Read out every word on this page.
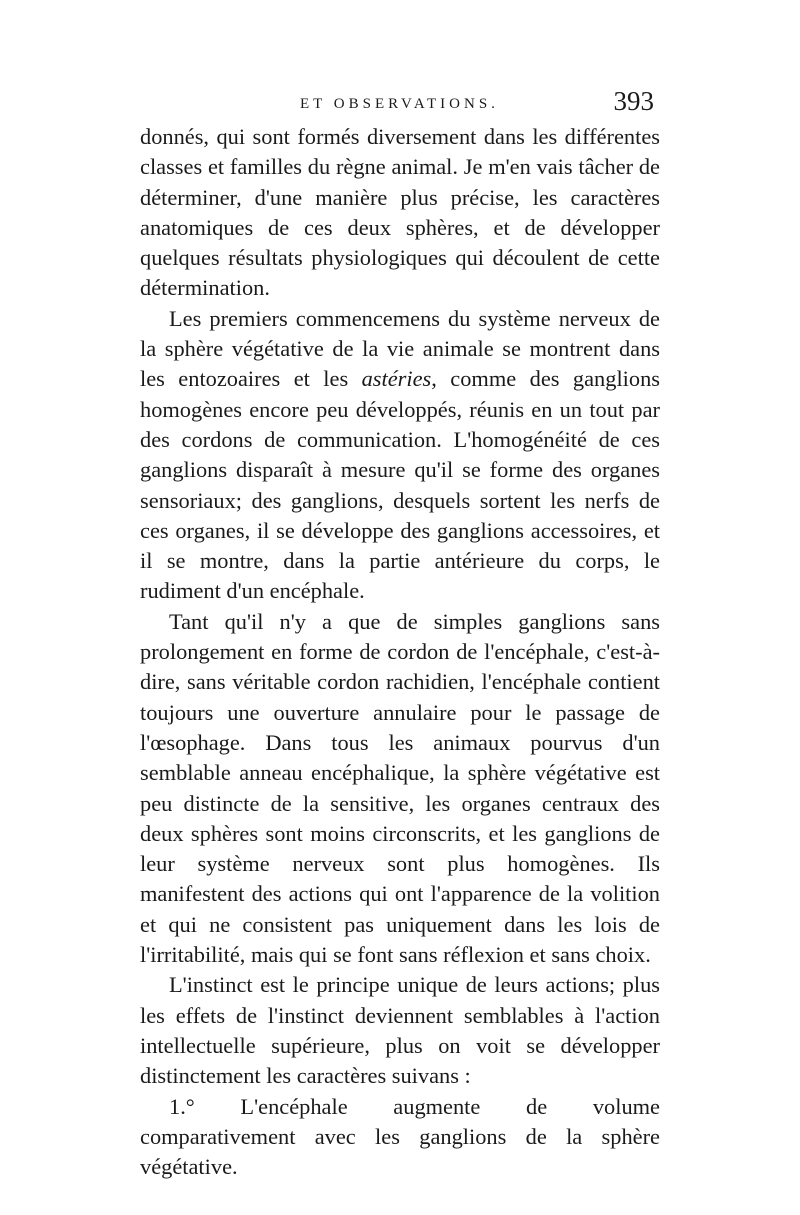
ET OBSERVATIONS.	393

donnés, qui sont formés diversement dans les différentes classes et familles du règne animal. Je m'en vais tâcher de déterminer, d'une manière plus précise, les caractères anatomiques de ces deux sphères, et de développer quelques résultats physiologiques qui découlent de cette détermination.

Les premiers commencemens du système nerveux de la sphère végétative de la vie animale se montrent dans les entozoaires et les astéries, comme des ganglions homogènes encore peu développés, réunis en un tout par des cordons de communication. L'homogénéité de ces ganglions disparaît à mesure qu'il se forme des organes sensoriaux; des ganglions, desquels sortent les nerfs de ces organes, il se développe des ganglions accessoires, et il se montre, dans la partie antérieure du corps, le rudiment d'un encéphale.

Tant qu'il n'y a que de simples ganglions sans prolongement en forme de cordon de l'encéphale, c'est-à-dire, sans véritable cordon rachidien, l'encéphale contient toujours une ouverture annulaire pour le passage de l'œsophage. Dans tous les animaux pourvus d'un semblable anneau encéphalique, la sphère végétative est peu distincte de la sensitive, les organes centraux des deux sphères sont moins circonscrits, et les ganglions de leur système nerveux sont plus homogènes. Ils manifestent des actions qui ont l'apparence de la volition et qui ne consistent pas uniquement dans les lois de l'irritabilité, mais qui se font sans réflexion et sans choix.

L'instinct est le principe unique de leurs actions; plus les effets de l'instinct deviennent semblables à l'action intellectuelle supérieure, plus on voit se développer distinctement les caractères suivans :

1.° L'encéphale augmente de volume comparativement avec les ganglions de la sphère végétative.
